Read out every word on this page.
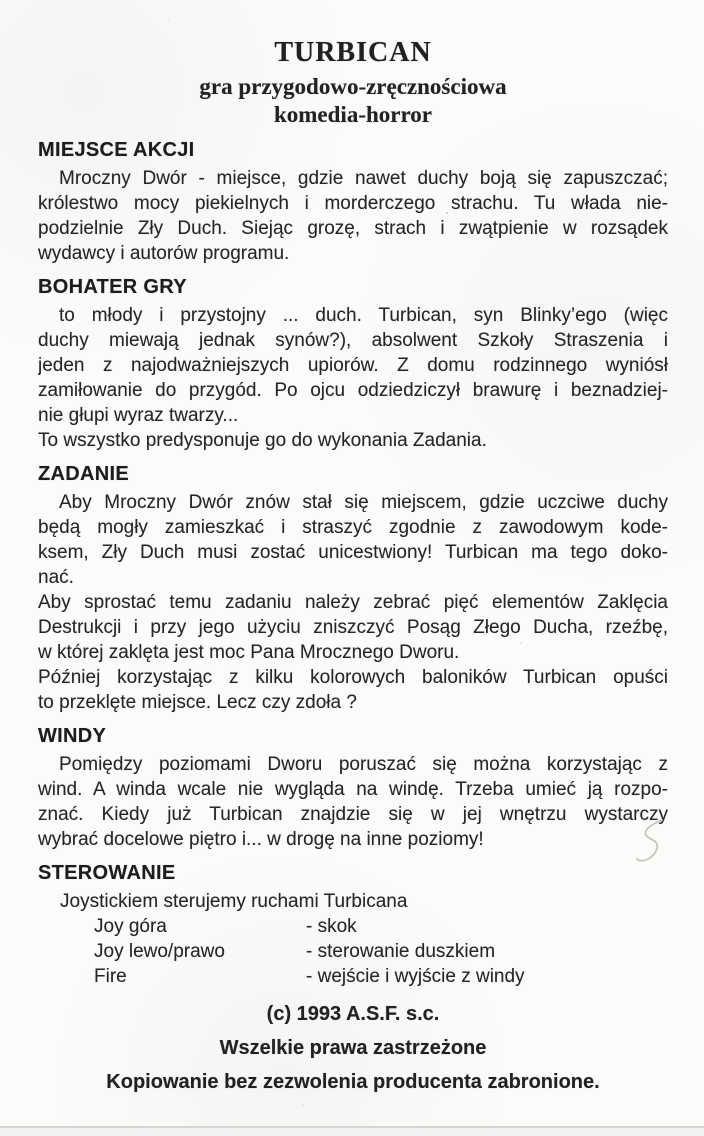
TURBICAN
gra przygodowo-zręcznościowa
komedia-horror
MIEJSCE AKCJI
Mroczny Dwór - miejsce, gdzie nawet duchy boją się zapuszczać;
królestwo mocy piekielnych i morderczego strachu. Tu włada nie-
podzielnie Zły Duch. Siejąc grozę, strach i zwątpienie w rozsądek
wydawcy i autorów programu.
BOHATER GRY
to młody i przystojny ... duch. Turbican, syn Blinky’ego (więc
duchy miewają jednak synów?), absolwent Szkoły Straszenia i
jeden z najodważniejszych upiorów. Z domu rodzinnego wyniósł
zamiłowanie do przygód. Po ojcu odziedziczył brawurę i beznadziej-
nie głupi wyraz twarzy...
To wszystko predysponuje go do wykonania Zadania.
ZADANIE
Aby Mroczny Dwór znów stał się miejscem, gdzie uczciwe duchy
będą mogły zamieszkać i straszyć zgodnie z zawodowym kode-
ksem, Zły Duch musi zostać unicestwiony! Turbican ma tego doko-
nać.
Aby sprostać temu zadaniu należy zebrać pięć elementów Zaklęcia
Destrukcji i przy jego użyciu zniszczyć Posąg Złego Ducha, rzeźbę,
w której zaklęta jest moc Pana Mrocznego Dworu.
Później korzystając z kilku kolorowych baloników Turbican opuści
to przeklęte miejsce. Lecz czy zdoła ?
WINDY
Pomiędzy poziomami Dworu poruszać się można korzystając z
wind. A winda wcale nie wygląda na windę. Trzeba umieć ją rozpo-
znać. Kiedy już Turbican znajdzie się w jej wnętrzu wystarczy
wybrać docelowe piętro i... w drogę na inne poziomy!
STEROWANIE
Joystickiem sterujemy ruchami Turbicana
Joy góra	- skok
Joy lewo/prawo	- sterowanie duszkiem
Fire	- wejście i wyjście z windy
(c) 1993 A.S.F. s.c.
Wszelkie prawa zastrzeżone
Kopiowanie bez zezwolenia producenta zabronione.
